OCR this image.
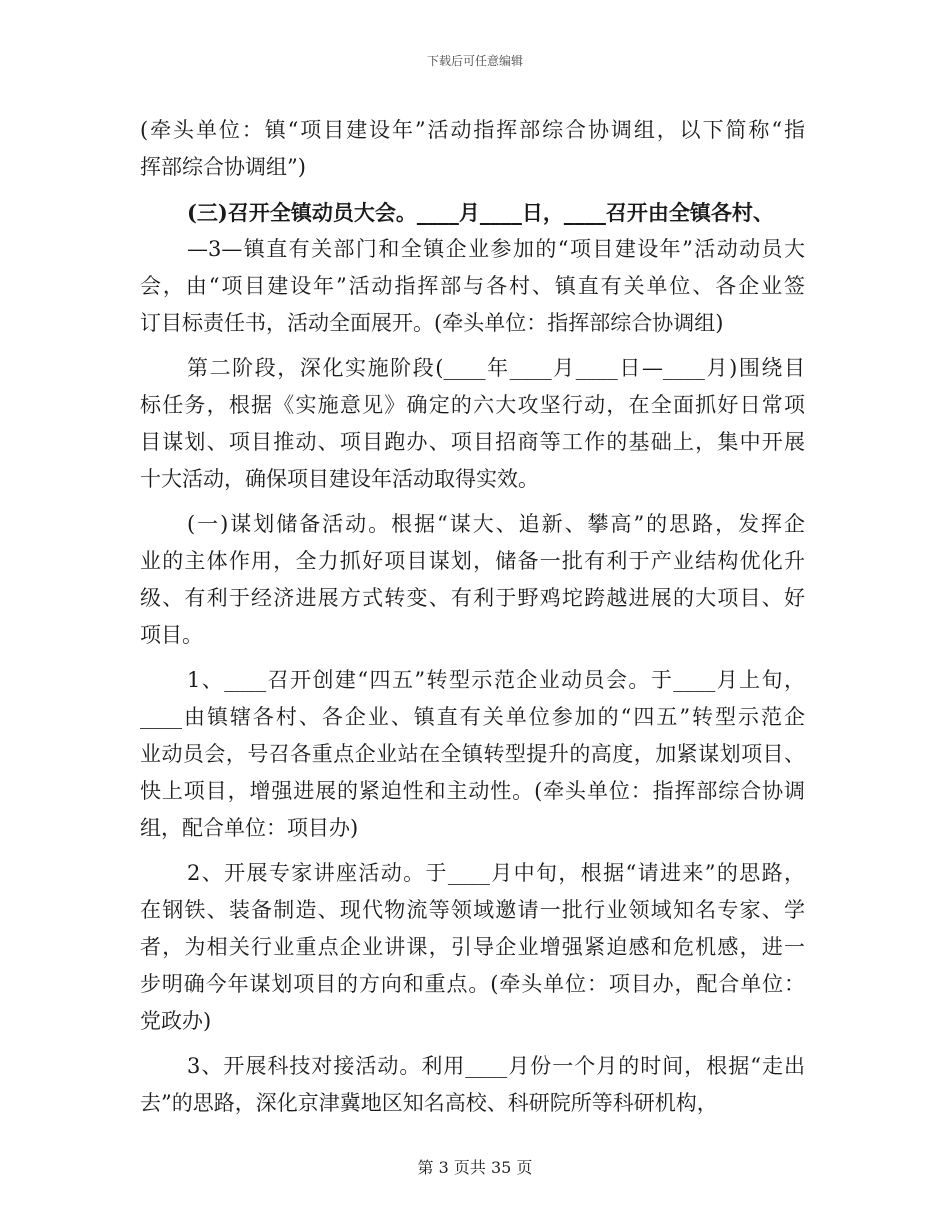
下载后可任意编辑
(牵头单位：镇“项目建设年”活动指挥部综合协调组，以下简称“指
挥部综合协调组”)
(三)召开全镇动员大会。____月____日，____召开由全镇各村、
—3—镇直有关部门和全镇企业参加的“项目建设年”活动动员大
会，由“项目建设年”活动指挥部与各村、镇直有关单位、各企业签
订目标责任书，活动全面展开。(牵头单位：指挥部综合协调组)
第二阶段，深化实施阶段(____年____月____日—____月)围绕目
标任务，根据《实施意见》确定的六大攻坚行动，在全面抓好日常项
目谋划、项目推动、项目跑办、项目招商等工作的基础上，集中开展
十大活动，确保项目建设年活动取得实效。
(一)谋划储备活动。根据“谋大、追新、攀高”的思路，发挥企
业的主体作用，全力抓好项目谋划，储备一批有利于产业结构优化升
级、有利于经济进展方式转变、有利于野鸡坨跨越进展的大项目、好
项目。
1、____召开创建“四五”转型示范企业动员会。于____月上旬，
____由镇辖各村、各企业、镇直有关单位参加的“四五”转型示范企
业动员会，号召各重点企业站在全镇转型提升的高度，加紧谋划项目、
快上项目，增强进展的紧迫性和主动性。(牵头单位：指挥部综合协调
组，配合单位：项目办)
2、开展专家讲座活动。于____月中旬，根据“请进来”的思路，
在钢铁、装备制造、现代物流等领域邀请一批行业领域知名专家、学
者，为相关行业重点企业讲课，引导企业增强紧迫感和危机感，进一
步明确今年谋划项目的方向和重点。(牵头单位：项目办，配合单位：
党政办)
3、开展科技对接活动。利用____月份一个月的时间，根据“走出
去”的思路，深化京津冀地区知名高校、科研院所等科研机构，
第 3 页共 35 页
